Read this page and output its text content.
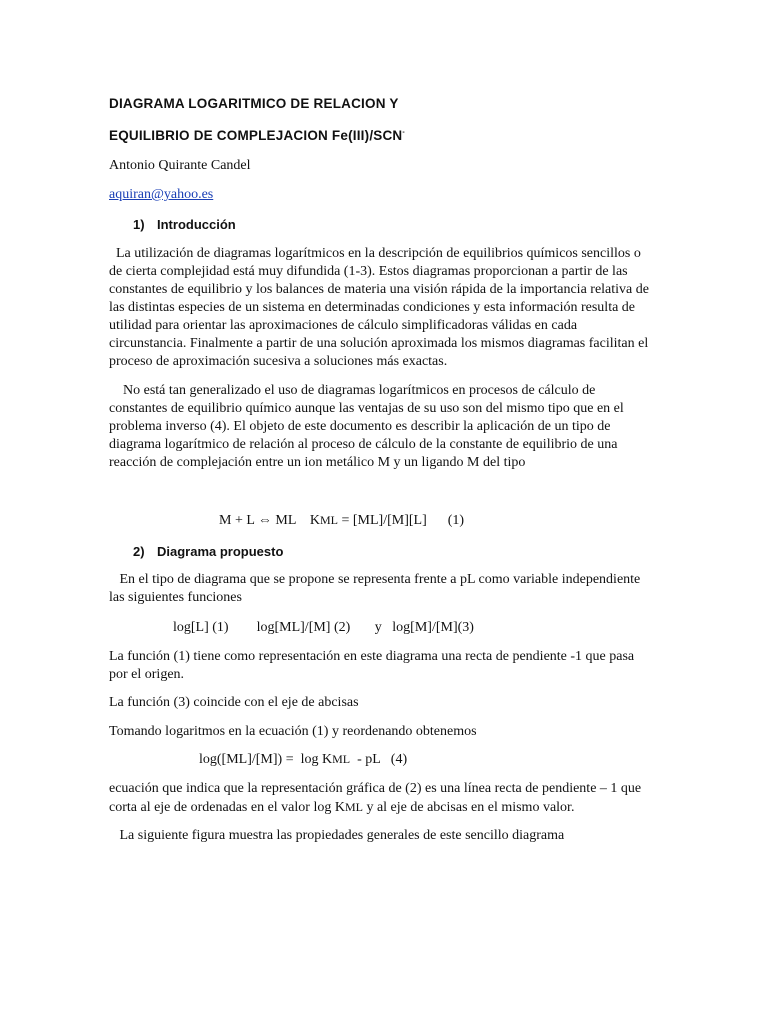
DIAGRAMA LOGARITMICO DE RELACION Y
EQUILIBRIO DE COMPLEJACION Fe(III)/SCN-
Antonio Quirante Candel
aquiran@yahoo.es
1) Introducción
La utilización de diagramas logarítmicos en la descripción de equilibrios químicos sencillos o
de cierta complejidad está muy difundida (1-3). Estos diagramas proporcionan a partir de las
constantes de equilibrio y los balances de materia una visión rápida de la importancia relativa de
las distintas especies de un sistema en determinadas condiciones y esta información resulta de
utilidad para orientar las aproximaciones de cálculo simplificadoras válidas en cada
circunstancia. Finalmente a partir de una solución aproximada los mismos diagramas facilitan el
proceso de aproximación sucesiva a soluciones más exactas.
No está tan generalizado el uso de diagramas logarítmicos en procesos de cálculo de
constantes de equilibrio químico aunque las ventajas de su uso son del mismo tipo que en el
problema inverso (4). El objeto de este documento es describir la aplicación de un tipo de
diagrama logarítmico de relación al proceso de cálculo de la constante de equilibrio de una
reacción de complejación entre un ion metálico M y un ligando M del tipo
M + L ⇔ ML    KML = [ML]/[M][L]      (1)
2) Diagrama propuesto
En el tipo de diagrama que se propone se representa frente a pL como variable independiente
las siguientes funciones
log[L] (1)        log[ML]/[M] (2)       y   log[M]/[M](3)
La función (1) tiene como representación en este diagrama una recta de pendiente -1 que pasa
por el origen.
La función (3) coincide con el eje de abcisas
Tomando logaritmos en la ecuación (1) y reordenando obtenemos
log([ML]/[M]) =  log KML  - pL   (4)
ecuación que indica que la representación gráfica de (2) es una línea recta de pendiente – 1 que
corta al eje de ordenadas en el valor log KML y al eje de abcisas en el mismo valor.
La siguiente figura muestra las propiedades generales de este sencillo diagrama
